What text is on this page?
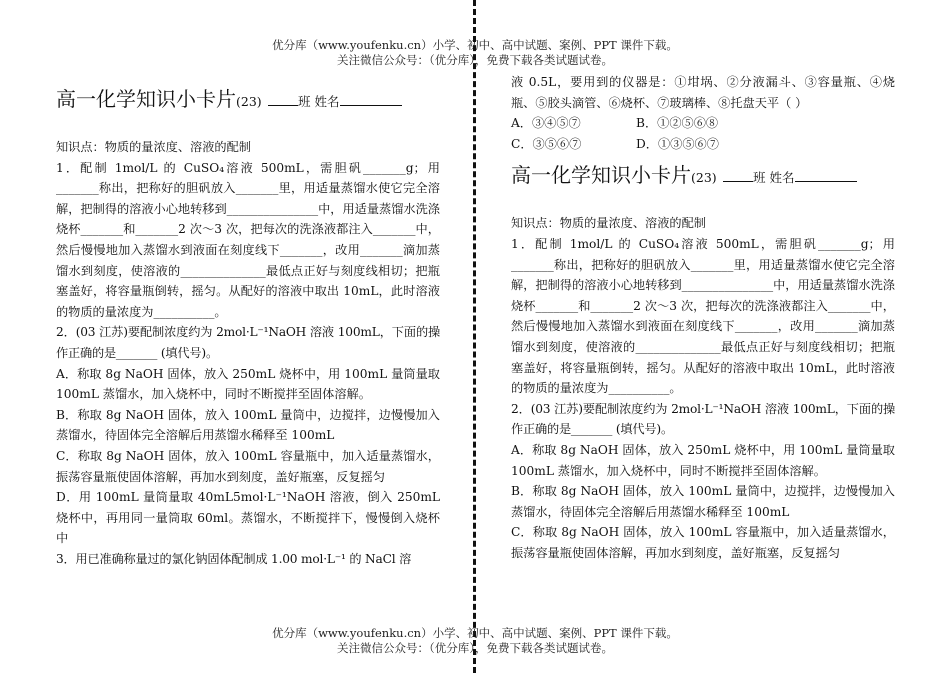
优分库（www.youfenku.cn）小学、初中、高中试题、案例、PPT 课件下载。
关注微信公众号：（优分库），免费下载各类试题试卷。
高一化学知识小卡片(23)	班 姓名

知识点：物质的量浓度、溶液的配制

1．配制 1mol/L 的 CuSO₄溶液 500mL，需胆矾_______g；用_______称出，把称好的胆矾放入_______里，用适量蒸馏水使它完全溶解，把制得的溶液小心地转移到_______________中，用适量蒸馏水洗涤烧杯_______和_______2 次～3 次，把每次的洗涤液都注入_______中，然后慢慢地加入蒸馏水到液面在刻度线下_______，改用_______滴加蒸馏水到刻度，使溶液的______________最低点正好与刻度线相切；把瓶塞盖好，将容量瓶倒转，摇匀。从配好的溶液中取出 10mL，此时溶液的物质的量浓度为__________。

2．(03 江苏)要配制浓度约为 2mol·L⁻¹NaOH 溶液 100mL，下面的操作正确的是_______ (填代号)。

A．称取 8g NaOH 固体，放入 250mL 烧杯中，用 100mL 量筒量取 100mL 蒸馏水，加入烧杯中，同时不断搅拌至固体溶解。

B．称取 8g NaOH 固体，放入 100mL 量筒中，边搅拌，边慢慢加入蒸馏水，待固体完全溶解后用蒸馏水稀释至 100mL

C．称取 8g NaOH 固体，放入 100mL 容量瓶中，加入适量蒸馏水，振荡容量瓶使固体溶解，再加水到刻度，盖好瓶塞，反复摇匀

D．用 100mL 量筒量取 40mL5mol·L⁻¹NaOH 溶液，倒入 250mL 烧杯中，再用同一量筒取 60ml。蒸馏水，不断搅拌下，慢慢倒入烧杯中

3．用已准确称量过的氯化钠固体配制成 1.00 mol·L⁻¹ 的 NaCl 溶

液 0.5L，要用到的仪器是：①坩埚、②分液漏斗、③容量瓶、④烧瓶、⑤胶头滴管、⑥烧杯、⑦玻璃棒、⑧托盘天平（ ）

A．③④⑤⑦	B．①②⑤⑥⑧
C．③⑤⑥⑦	D．①③⑤⑥⑦
高一化学知识小卡片(23)	班 姓名

知识点：物质的量浓度、溶液的配制

1．配制 1mol/L 的 CuSO₄溶液 500mL，需胆矾_______g；用_______称出，把称好的胆矾放入_______里，用适量蒸馏水使它完全溶解，把制得的溶液小心地转移到_______________中，用适量蒸馏水洗涤烧杯_______和_______2 次～3 次，把每次的洗涤液都注入_______中，然后慢慢地加入蒸馏水到液面在刻度线下_______，改用_______滴加蒸馏水到刻度，使溶液的______________最低点正好与刻度线相切；把瓶塞盖好，将容量瓶倒转，摇匀。从配好的溶液中取出 10mL，此时溶液的物质的量浓度为__________。

2．(03 江苏)要配制浓度约为 2mol·L⁻¹NaOH 溶液 100mL，下面的操作正确的是_______ (填代号)。

A．称取 8g NaOH 固体，放入 250mL 烧杯中，用 100mL 量筒量取 100mL 蒸馏水，加入烧杯中，同时不断搅拌至固体溶解。

B．称取 8g NaOH 固体，放入 100mL 量筒中，边搅拌，边慢慢加入蒸馏水，待固体完全溶解后用蒸馏水稀释至 100mL

C．称取 8g NaOH 固体，放入 100mL 容量瓶中，加入适量蒸馏水，振荡容量瓶使固体溶解，再加水到刻度，盖好瓶塞，反复摇匀

优分库（www.youfenku.cn）小学、初中、高中试题、案例、PPT 课件下载。
关注微信公众号：（优分库），免费下载各类试题试卷。
